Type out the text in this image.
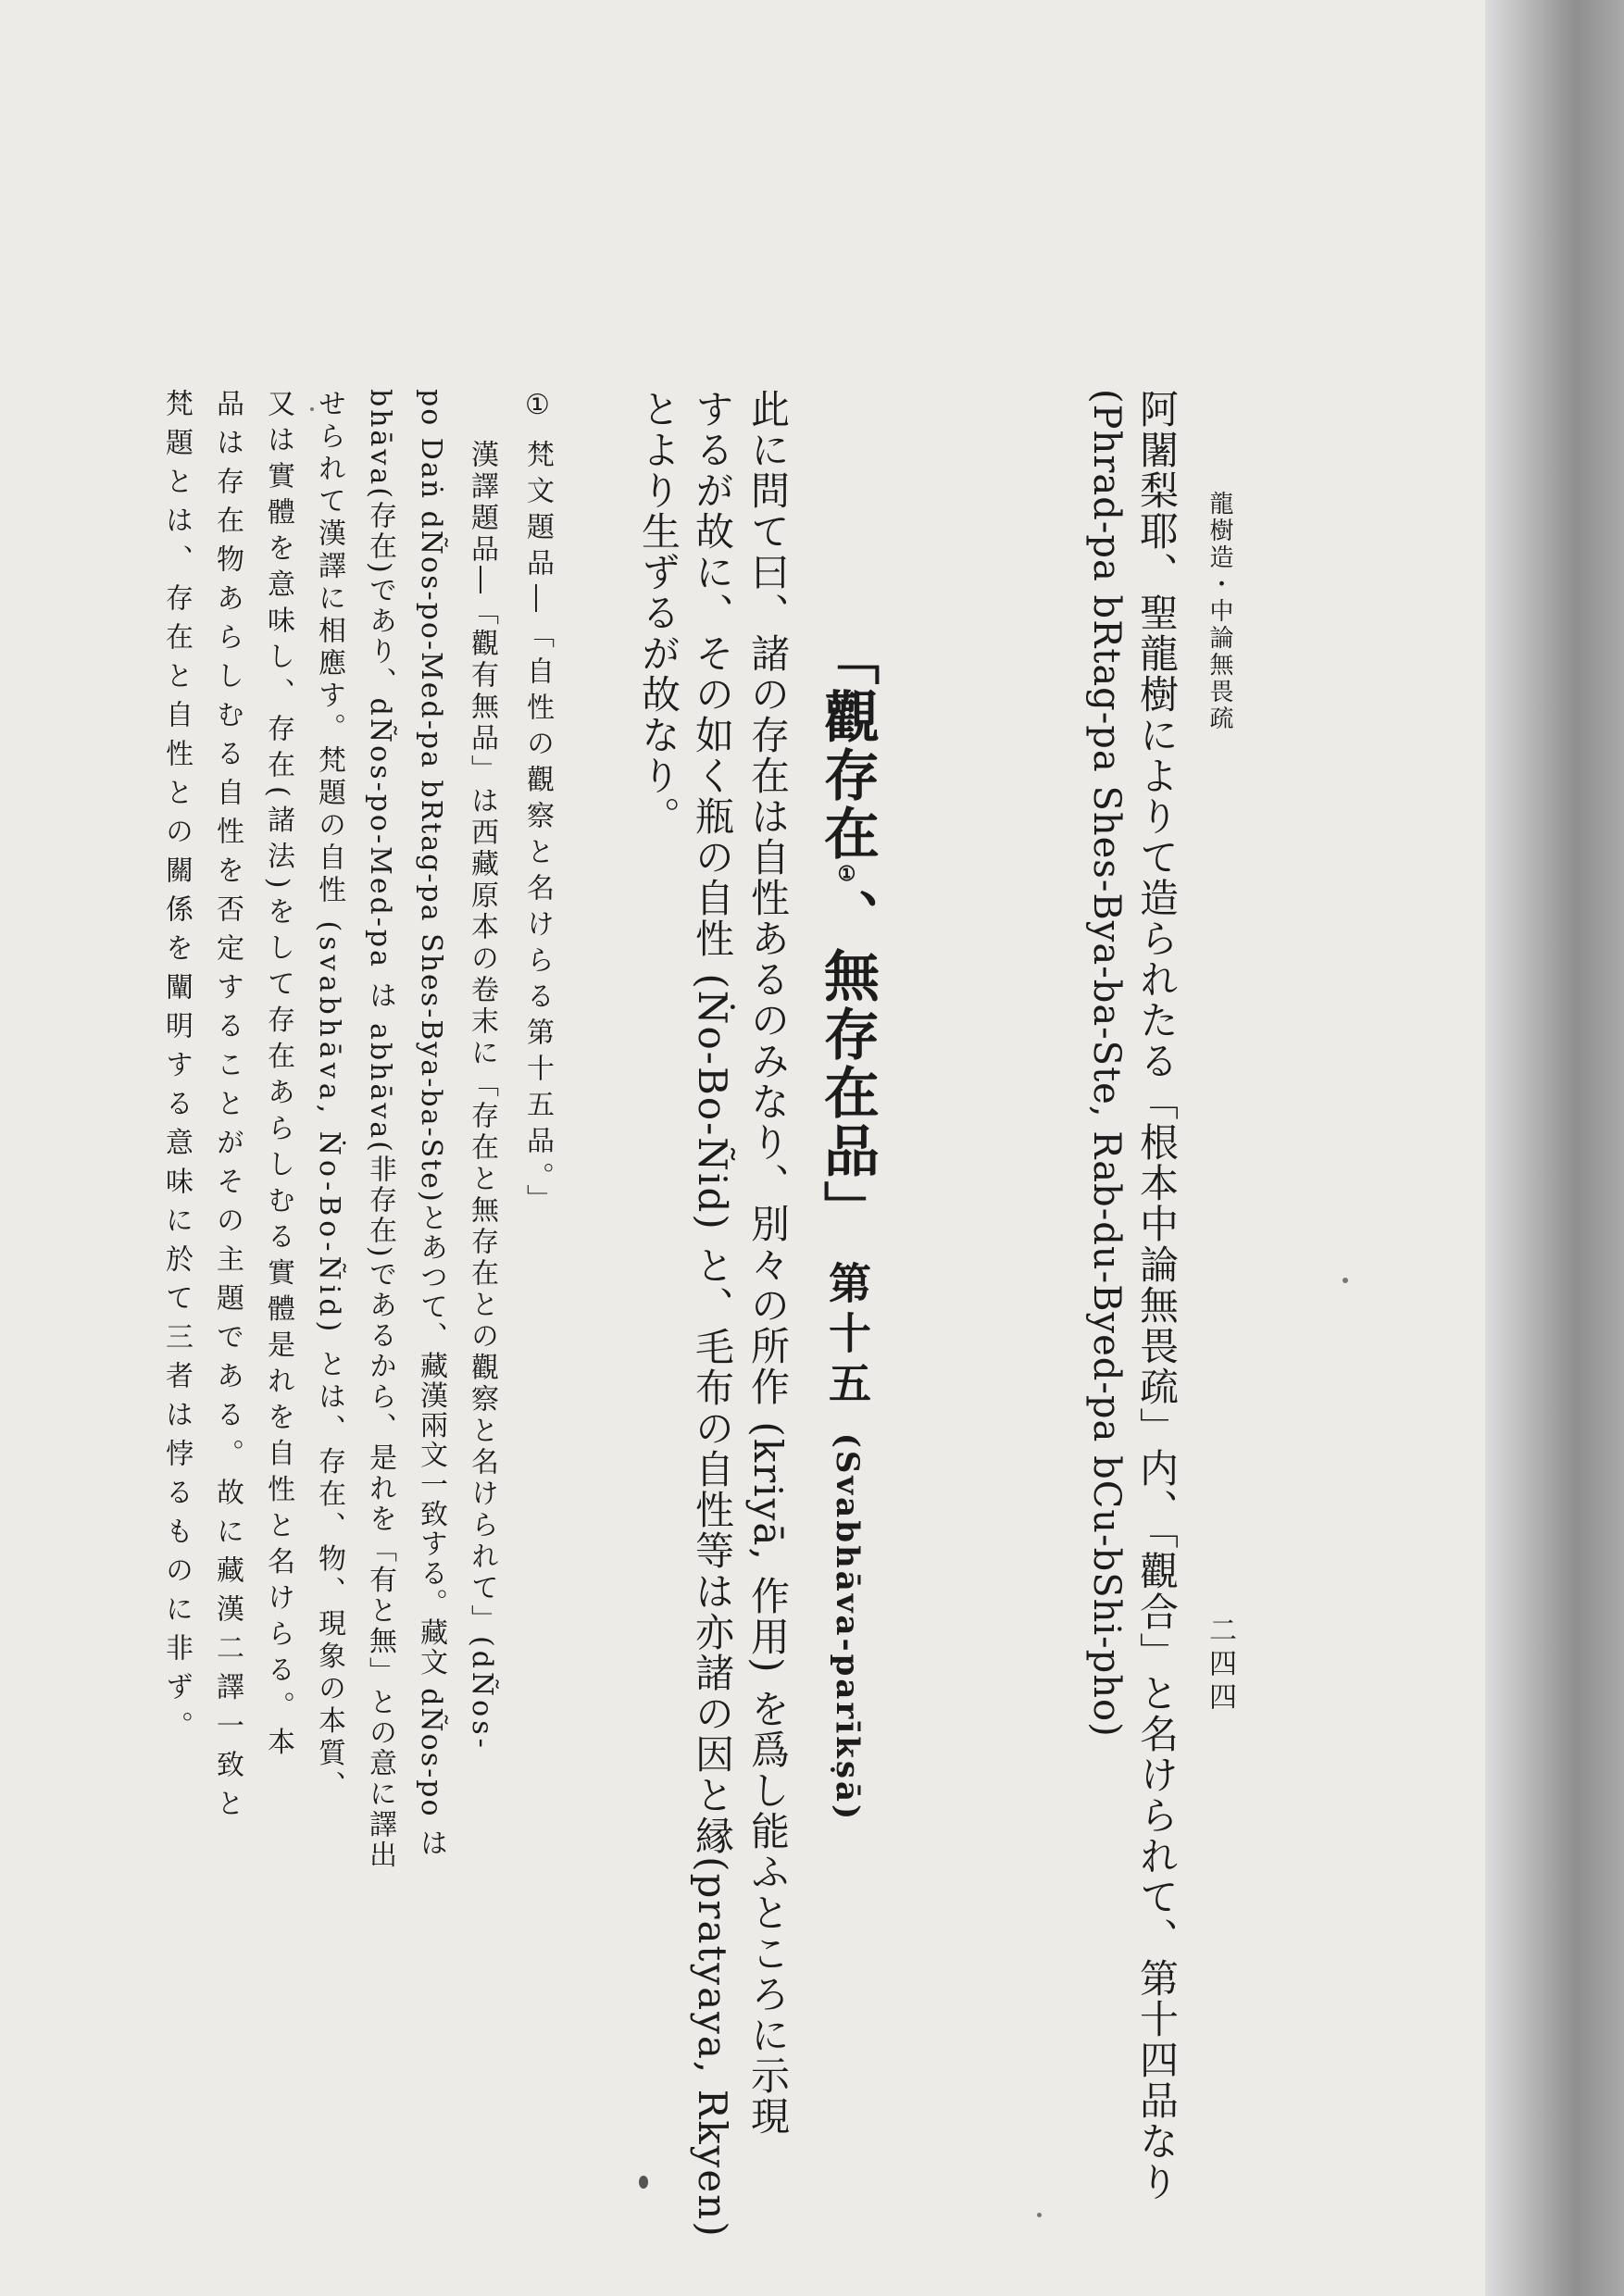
龍樹造・中論無畏疏
二四四
阿闍梨耶、聖龍樹によりて造られたる「根本中論無畏疏」内、「觀合」と名けられて、第十四品なり
(Phrad-pa bRtag-pa Shes-Bya-ba-Ste, Rab-du-Byed-pa bCu-bShi-pho)
「觀存在①、無存在品」 第十五 (Svabhāva-parīkṣā)
此に問て曰、諸の存在は自性あるのみなり、別々の所作 (kriyā, 作用) を爲し能ふところに示現
するが故に、その如く瓶の自性 (Ṅo-Bo-Ñid) と、毛布の自性等は亦諸の因と縁(pratyaya, Rkyen)
とより生ずるが故なり。
①
梵文題品―「自性の觀察と名けらる第十五品。」
漢譯題品―「觀有無品」は西藏原本の卷末に「存在と無存在との觀察と名けられて」(dÑos-
po Daṅ dÑos-po-Med-pa bRtag-pa Shes-Bya-ba-Ste)とあつて、藏漢兩文一致する。藏文 dÑos-po は
bhāva(存在)であり、dÑos-po-Med-pa は abhāva(非存在)であるから、是れを「有と無」との意に譯出
せられて漢譯に相應す。梵題の自性 (svabhāva, Ṅo-Bo-Ñid) とは、存在、物、現象の本質、
又は實體を意味し、存在(諸法)をして存在あらしむる實體是れを自性と名けらる。本
品は存在物あらしむる自性を否定することがその主題である。故に藏漢二譯一致と
梵題とは、存在と自性との關係を闡明する意味に於て三者は悖るものに非ず。
